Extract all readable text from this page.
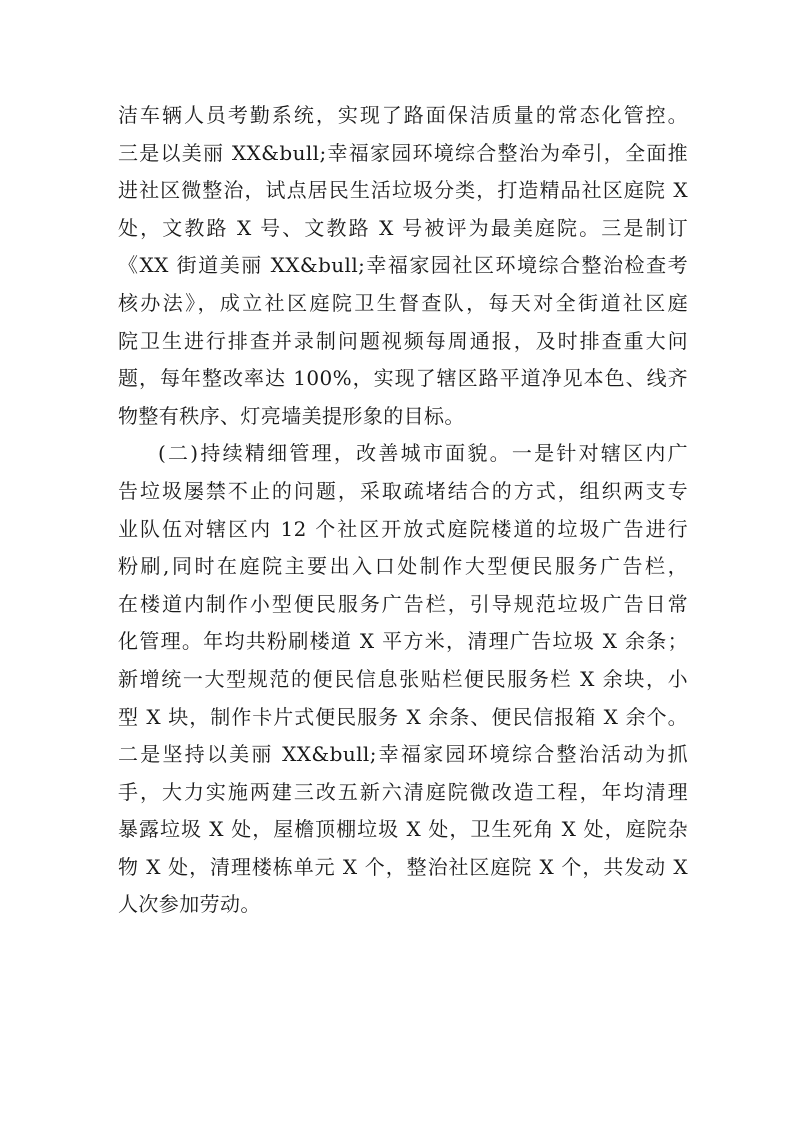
洁车辆人员考勤系统，实现了路面保洁质量的常态化管控。
三是以美丽 XX&bull;幸福家园环境综合整治为牵引，全面推
进社区微整治，试点居民生活垃圾分类，打造精品社区庭院 X
处，文教路 X 号、文教路 X 号被评为最美庭院。三是制订
《XX 街道美丽 XX&bull;幸福家园社区环境综合整治检查考
核办法》，成立社区庭院卫生督查队，每天对全街道社区庭
院卫生进行排查并录制问题视频每周通报，及时排查重大问
题，每年整改率达 100%，实现了辖区路平道净见本色、线齐
物整有秩序、灯亮墙美提形象的目标。
(二)持续精细管理，改善城市面貌。一是针对辖区内广
告垃圾屡禁不止的问题，采取疏堵结合的方式，组织两支专
业队伍对辖区内 12 个社区开放式庭院楼道的垃圾广告进行
粉刷,同时在庭院主要出入口处制作大型便民服务广告栏，
在楼道内制作小型便民服务广告栏，引导规范垃圾广告日常
化管理。年均共粉刷楼道 X 平方米，清理广告垃圾 X 余条；
新增统一大型规范的便民信息张贴栏便民服务栏 X 余块，小
型 X 块，制作卡片式便民服务 X 余条、便民信报箱 X 余个。
二是坚持以美丽 XX&bull;幸福家园环境综合整治活动为抓
手，大力实施两建三改五新六清庭院微改造工程，年均清理
暴露垃圾 X 处，屋檐顶棚垃圾 X 处，卫生死角 X 处，庭院杂
物 X 处，清理楼栋单元 X 个，整治社区庭院 X 个，共发动 X
人次参加劳动。
